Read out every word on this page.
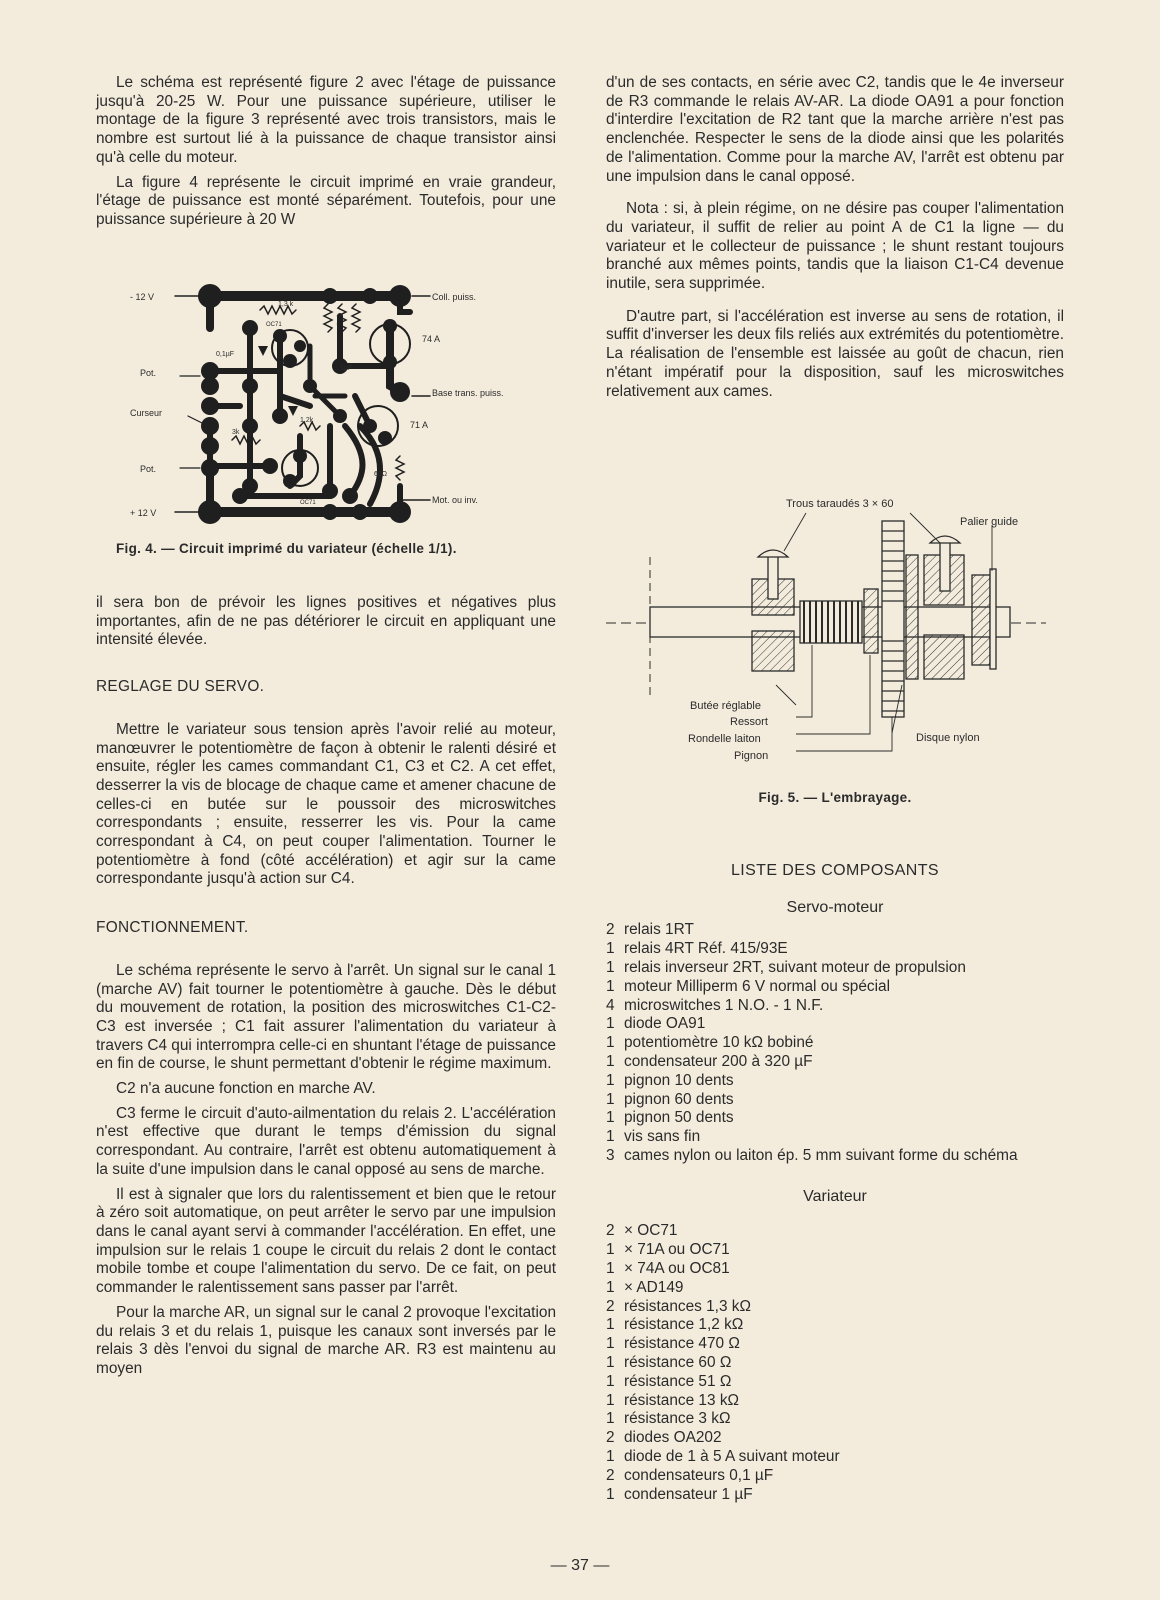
Le schéma est représenté figure 2 avec l'étage de puissance jusqu'à 20-25 W. Pour une puissance supérieure, utiliser le montage de la figure 3 représenté avec trois transistors, mais le nombre est surtout lié à la puissance de chaque transistor ainsi qu'à celle du moteur.

La figure 4 représente le circuit imprimé en vraie grandeur, l'étage de puissance est monté séparément. Toutefois, pour une puissance supérieure à 20 W

- 12 V
+ 12 V
Pot.
Pot.
Curseur
Coll. puiss.
Base trans. puiss.
Mot. ou inv.
74 A
71 A
1,3 k
OC71
OC71
0,1µF
1µF
3k
1,2k
60Ω
Fig. 4. — Circuit imprimé du variateur (échelle 1/1).

il sera bon de prévoir les lignes positives et négatives plus importantes, afin de ne pas détériorer le circuit en appliquant une intensité élevée.

REGLAGE DU SERVO.

Mettre le variateur sous tension après l'avoir relié au moteur, manœuvrer le potentiomètre de façon à obtenir le ralenti désiré et ensuite, régler les cames commandant C1, C3 et C2. A cet effet, desserrer la vis de blocage de chaque came et amener chacune de celles-ci en butée sur le poussoir des microswitches correspondants ; ensuite, resserrer les vis. Pour la came correspondant à C4, on peut couper l'alimentation. Tourner le potentiomètre à fond (côté accélération) et agir sur la came correspondante jusqu'à action sur C4.

FONCTIONNEMENT.

Le schéma représente le servo à l'arrêt. Un signal sur le canal 1 (marche AV) fait tourner le potentiomètre à gauche. Dès le début du mouvement de rotation, la position des microswitches C1-C2-C3 est inversée ; C1 fait assurer l'alimentation du variateur à travers C4 qui interrompra celle-ci en shuntant l'étage de puissance en fin de course, le shunt permettant d'obtenir le régime maximum.

C2 n'a aucune fonction en marche AV.

C3 ferme le circuit d'auto-ailmentation du relais 2. L'accélération n'est effective que durant le temps d'émission du signal correspondant. Au contraire, l'arrêt est obtenu automatiquement à la suite d'une impulsion dans le canal opposé au sens de marche.

Il est à signaler que lors du ralentissement et bien que le retour à zéro soit automatique, on peut arrêter le servo par une impulsion dans le canal ayant servi à commander l'accélération. En effet, une impulsion sur le relais 1 coupe le circuit du relais 2 dont le contact mobile tombe et coupe l'alimentation du servo. De ce fait, on peut commander le ralentissement sans passer par l'arrêt.

Pour la marche AR, un signal sur le canal 2 provoque l'excitation du relais 3 et du relais 1, puisque les canaux sont inversés par le relais 3 dès l'envoi du signal de marche AR. R3 est maintenu au moyen

d'un de ses contacts, en série avec C2, tandis que le 4e inverseur de R3 commande le relais AV-AR. La diode OA91 a pour fonction d'interdire l'excitation de R2 tant que la marche arrière n'est pas enclenchée. Respecter le sens de la diode ainsi que les polarités de l'alimentation. Comme pour la marche AV, l'arrêt est obtenu par une impulsion dans le canal opposé.

Nota : si, à plein régime, on ne désire pas couper l'alimentation du variateur, il suffit de relier au point A de C1 la ligne — du variateur et le collecteur de puissance ; le shunt restant toujours branché aux mêmes points, tandis que la liaison C1-C4 devenue inutile, sera supprimée.

D'autre part, si l'accélération est inverse au sens de rotation, il suffit d'inverser les deux fils reliés aux extrémités du potentiomètre. La réalisation de l'ensemble est laissée au goût de chacun, rien n'étant impératif pour la disposition, sauf les microswitches relativement aux cames.

Trous taraudés 3 × 60
Palier guide
Butée réglable
Ressort
Rondelle laiton
Pignon
Disque nylon
Fig. 5. — L'embrayage.
LISTE DES COMPOSANTS
Servo-moteur
2 relais 1RT
1 relais 4RT Réf. 415/93E
1 relais inverseur 2RT, suivant moteur de propulsion
1 moteur Milliperm 6 V normal ou spécial
4 microswitches 1 N.O. - 1 N.F.
1 diode OA91
1 potentiomètre 10 kΩ bobiné
1 condensateur 200 à 320 µF
1 pignon 10 dents
1 pignon 60 dents
1 pignon 50 dents
1 vis sans fin
3 cames nylon ou laiton ép. 5 mm suivant forme du schéma
Variateur
2 × OC71
1 × 71A ou OC71
1 × 74A ou OC81
1 × AD149
2 résistances 1,3 kΩ
1 résistance 1,2 kΩ
1 résistance 470 Ω
1 résistance 60 Ω
1 résistance 51 Ω
1 résistance 13 kΩ
1 résistance 3 kΩ
2 diodes OA202
1 diode de 1 à 5 A suivant moteur
2 condensateurs 0,1 µF
1 condensateur 1 µF
— 37 —
